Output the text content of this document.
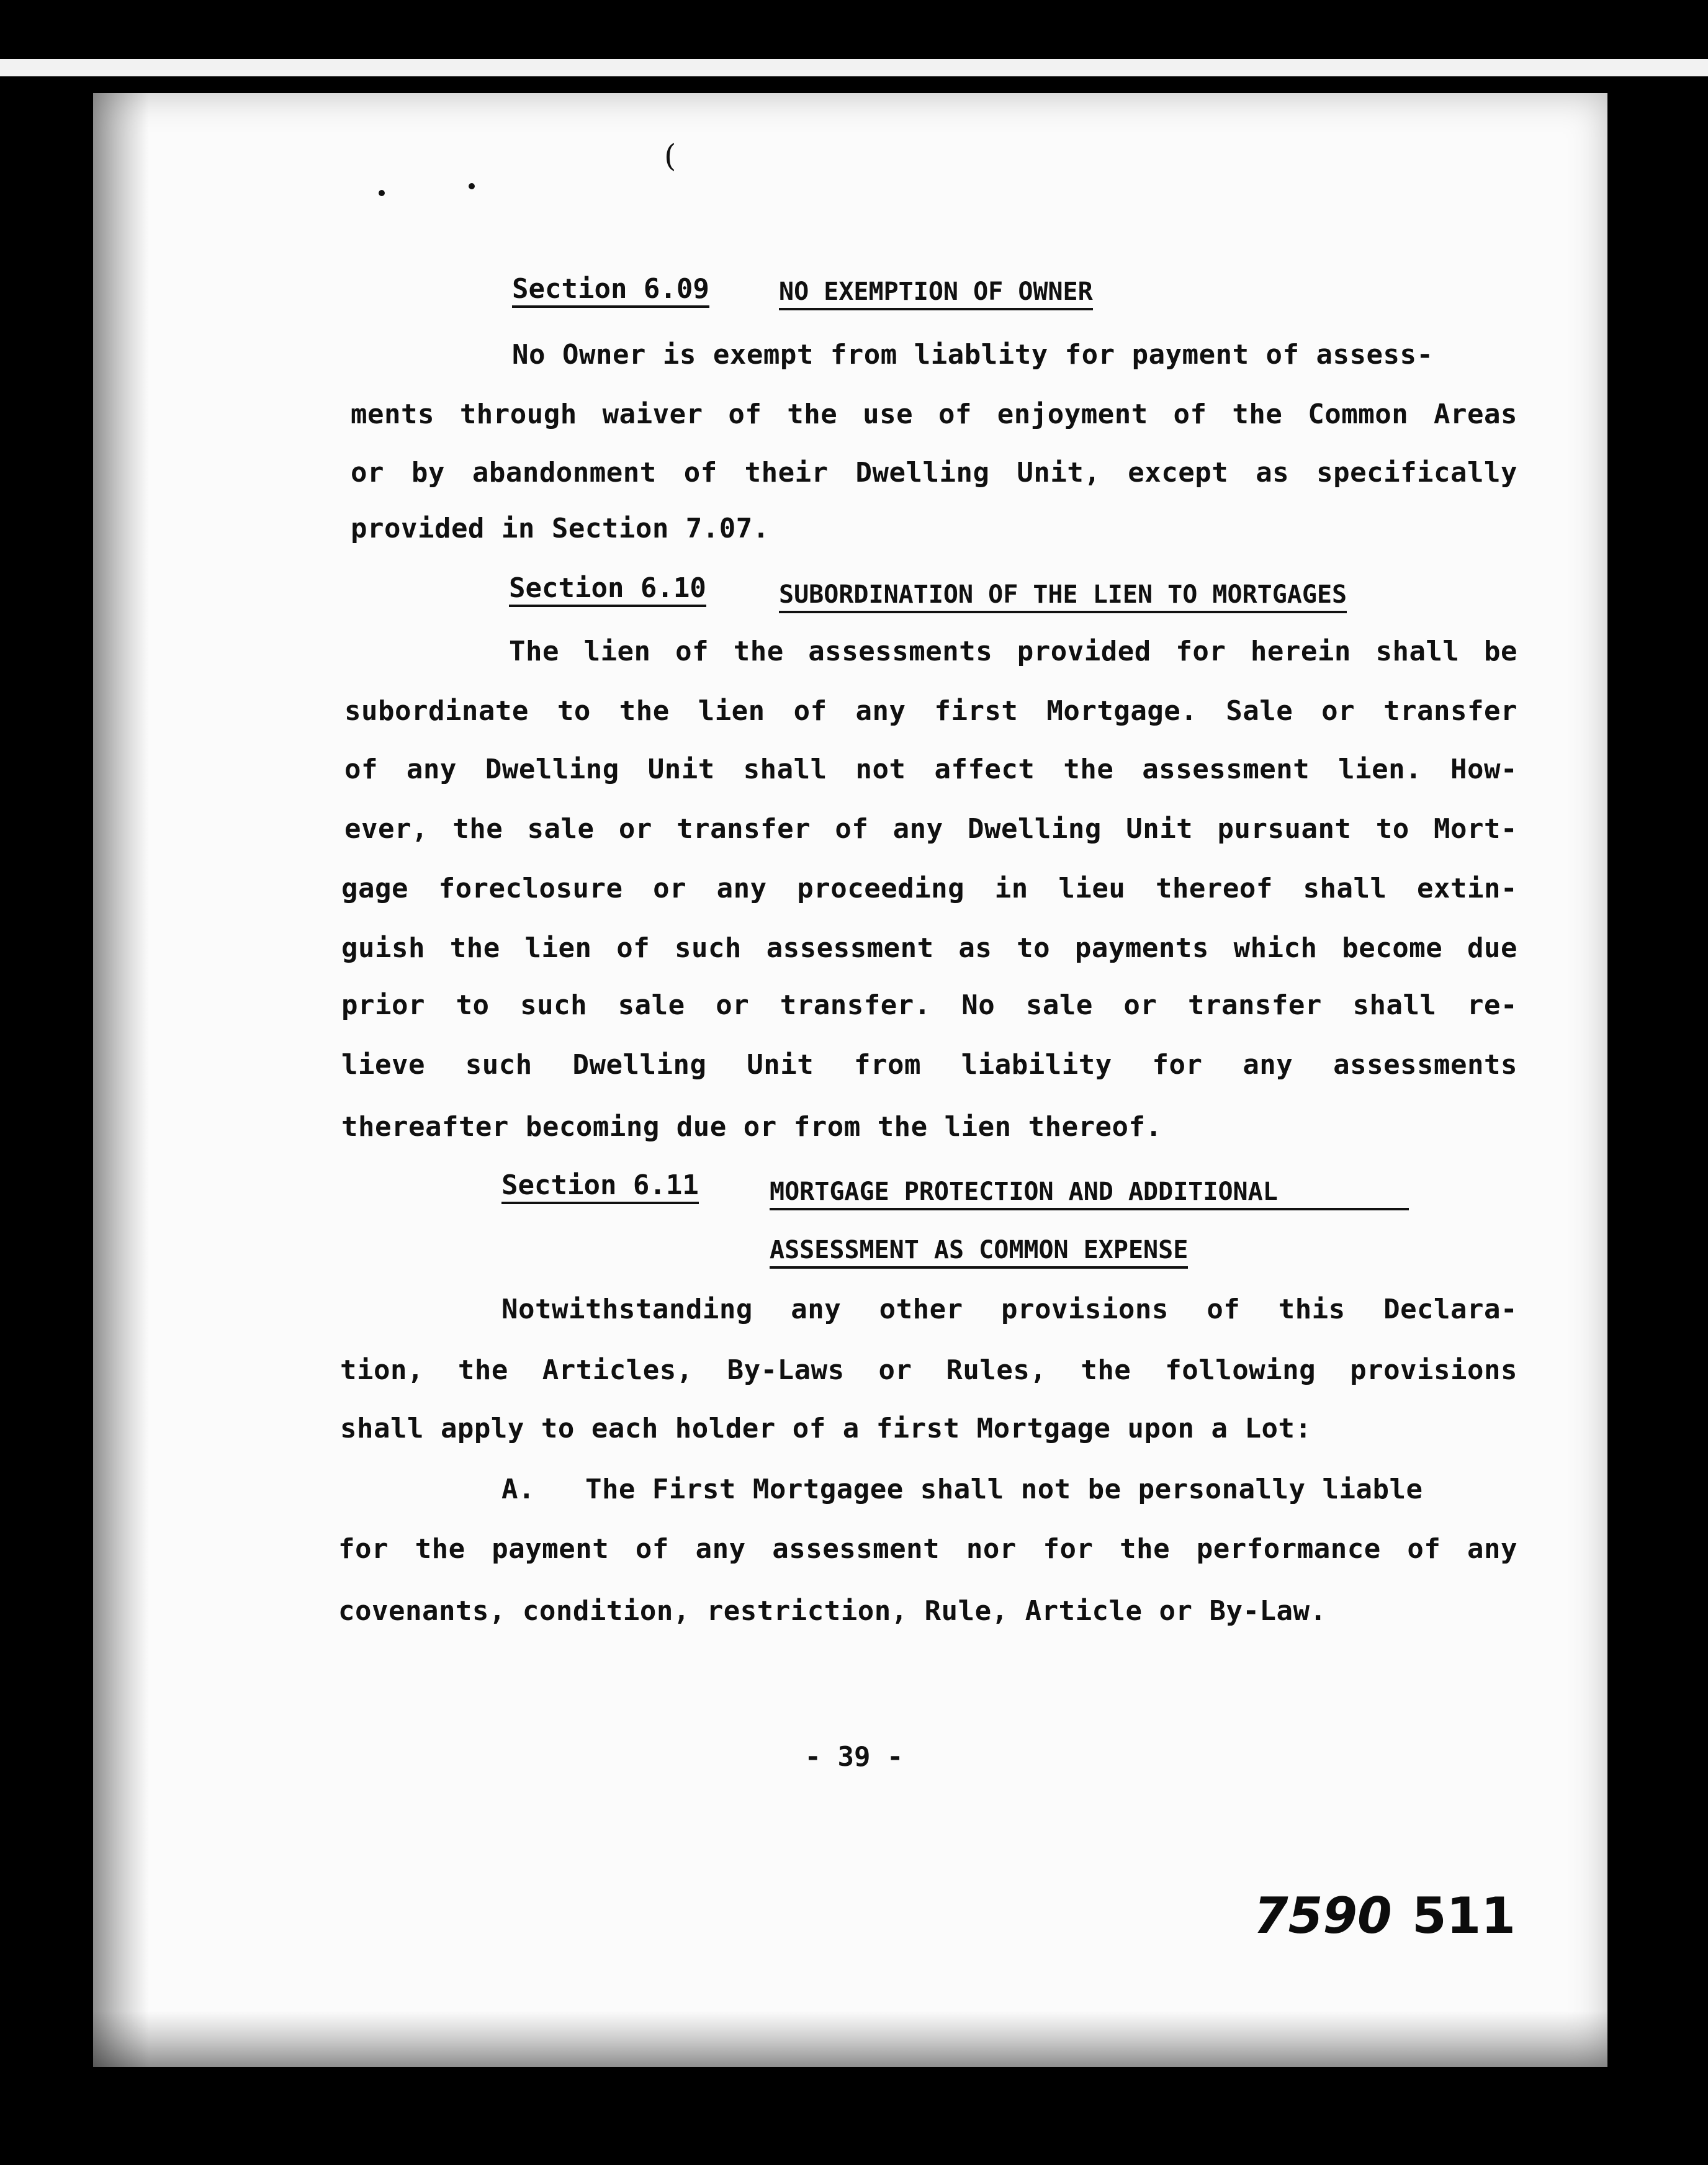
(
Section 6.09	NO EXEMPTION OF OWNER
No Owner is exempt from liablity for payment of assess-
ments through waiver of the use of enjoyment of the Common Areas
or by abandonment of their Dwelling Unit, except as specifically
provided in Section 7.07.
Section 6.10	SUBORDINATION OF THE LIEN TO MORTGAGES
The lien of the assessments provided for herein shall be
subordinate to the lien of any first Mortgage. Sale or transfer
of any Dwelling Unit shall not affect the assessment lien. How-
ever, the sale or transfer of any Dwelling Unit pursuant to Mort-
gage foreclosure or any proceeding in lieu thereof shall extin-
guish the lien of such assessment as to payments which become due
prior to such sale or transfer. No sale or transfer shall re-
lieve such Dwelling Unit from liability for any assessments
thereafter becoming due or from the lien thereof.
Section 6.11	MORTGAGE PROTECTION AND ADDITIONAL
ASSESSMENT AS COMMON EXPENSE
Notwithstanding any other provisions of this Declara-
tion, the Articles, By-Laws or Rules, the following provisions
shall apply to each holder of a first Mortgage upon a Lot:
A.   The First Mortgagee shall not be personally liable
for the payment of any assessment nor for the performance of any
covenants, condition, restriction, Rule, Article or By-Law.
- 39 -
7590 511
